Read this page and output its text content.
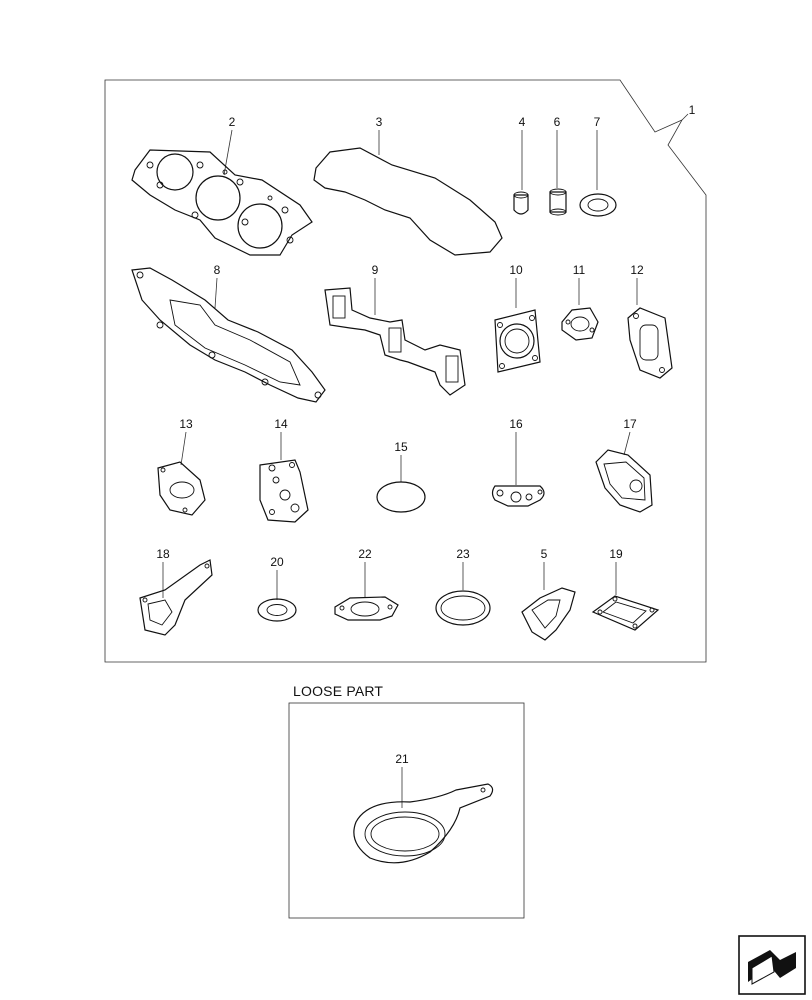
1
2	3	4 6	7
8	9	10	11	12
13	14
15
16	17
18
20
22	23	5	19
LOOSE PART
21
